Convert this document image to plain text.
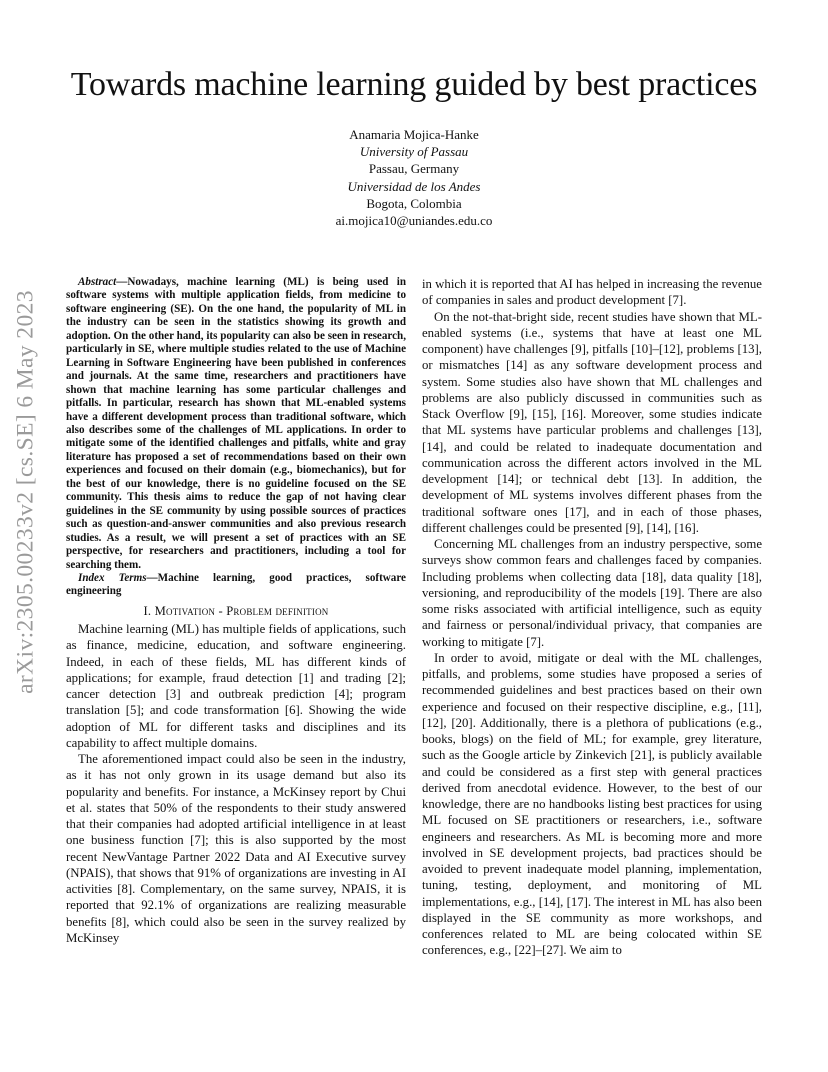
arXiv:2305.00233v2 [cs.SE] 6 May 2023
Towards machine learning guided by best practices
Anamaria Mojica-Hanke
University of Passau
Passau, Germany
Universidad de los Andes
Bogota, Colombia
ai.mojica10@uniandes.edu.co

Abstract—Nowadays, machine learning (ML) is being used in software systems with multiple application fields, from medicine to software engineering (SE). On the one hand, the popularity of ML in the industry can be seen in the statistics showing its growth and adoption. On the other hand, its popularity can also be seen in research, particularly in SE, where multiple studies related to the use of Machine Learning in Software Engineering have been published in conferences and journals. At the same time, researchers and practitioners have shown that machine learning has some particular challenges and pitfalls. In particular, research has shown that ML-enabled systems have a different development process than traditional software, which also describes some of the challenges of ML applications. In order to mitigate some of the identified challenges and pitfalls, white and gray literature has proposed a set of recommendations based on their own experiences and focused on their domain (e.g., biomechanics), but for the best of our knowledge, there is no guideline focused on the SE community. This thesis aims to reduce the gap of not having clear guidelines in the SE community by using possible sources of practices such as question-and-answer communities and also previous research studies. As a result, we will present a set of practices with an SE perspective, for researchers and practitioners, including a tool for searching them.

Index Terms—Machine learning, good practices, software engineering

I. Motivation - Problem definition

Machine learning (ML) has multiple fields of applications, such as finance, medicine, education, and software engineering. Indeed, in each of these fields, ML has different kinds of applications; for example, fraud detection [1] and trading [2]; cancer detection [3] and outbreak prediction [4]; program translation [5]; and code transformation [6]. Showing the wide adoption of ML for different tasks and disciplines and its capability to affect multiple domains.

The aforementioned impact could also be seen in the industry, as it has not only grown in its usage demand but also its popularity and benefits. For instance, a McKinsey report by Chui et al. states that 50% of the respondents to their study answered that their companies had adopted artificial intelligence in at least one business function [7]; this is also supported by the most recent NewVantage Partner 2022 Data and AI Executive survey (NPAIS), that shows that 91% of organizations are investing in AI activities [8]. Complementary, on the same survey, NPAIS, it is reported that 92.1% of organizations are realizing measurable benefits [8], which could also be seen in the survey realized by McKinsey

in which it is reported that AI has helped in increasing the revenue of companies in sales and product development [7].

On the not-that-bright side, recent studies have shown that ML-enabled systems (i.e., systems that have at least one ML component) have challenges [9], pitfalls [10]–[12], problems [13], or mismatches [14] as any software development process and system. Some studies also have shown that ML challenges and problems are also publicly discussed in communities such as Stack Overflow [9], [15], [16]. Moreover, some studies indicate that ML systems have particular problems and challenges [13], [14], and could be related to inadequate documentation and communication across the different actors involved in the ML development [14]; or technical debt [13]. In addition, the development of ML systems involves different phases from the traditional software ones [17], and in each of those phases, different challenges could be presented [9], [14], [16].

Concerning ML challenges from an industry perspective, some surveys show common fears and challenges faced by companies. Including problems when collecting data [18], data quality [18], versioning, and reproducibility of the models [19]. There are also some risks associated with artificial intelligence, such as equity and fairness or personal/individual privacy, that companies are working to mitigate [7].

In order to avoid, mitigate or deal with the ML challenges, pitfalls, and problems, some studies have proposed a series of recommended guidelines and best practices based on their own experience and focused on their respective discipline, e.g., [11], [12], [20]. Additionally, there is a plethora of publications (e.g., books, blogs) on the field of ML; for example, grey literature, such as the Google article by Zinkevich [21], is publicly available and could be considered as a first step with general practices derived from anecdotal evidence. However, to the best of our knowledge, there are no handbooks listing best practices for using ML focused on SE practitioners or researchers, i.e., software engineers and researchers. As ML is becoming more and more involved in SE development projects, bad practices should be avoided to prevent inadequate model planning, implementation, tuning, testing, deployment, and monitoring of ML implementations, e.g., [14], [17]. The interest in ML has also been displayed in the SE community as more workshops, and conferences related to ML are being colocated within SE conferences, e.g., [22]–[27]. We aim to
